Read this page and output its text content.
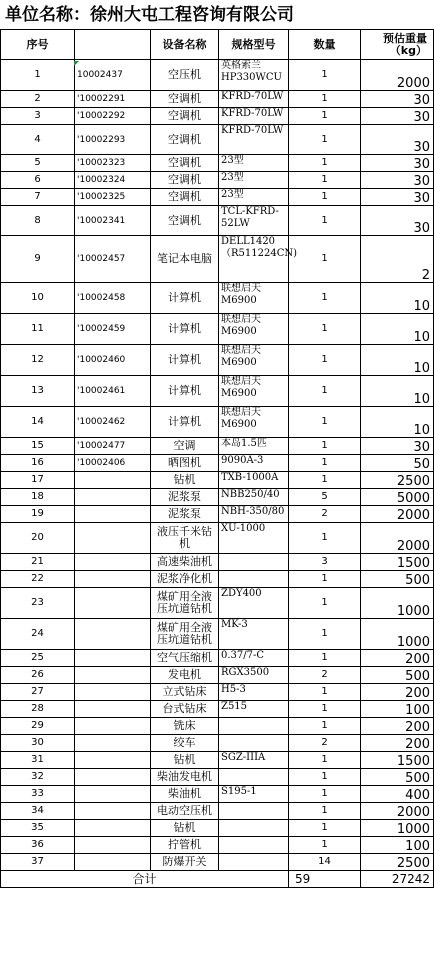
单位名称：徐州大屯工程咨询有限公司
序号		设备名称	规格型号	数量	预估重量（kg）
1	10002437	空压机	英格索兰HP330WCU	1	2000
2	'10002291	空调机	KFRD-70LW	1	30
3	'10002292	空调机	KFRD-70LW	1	30
4	'10002293	空调机	KFRD-70LW	1	30
5	'10002323	空调机	23型	1	30
6	'10002324	空调机	23型	1	30
7	'10002325	空调机	23型	1	30
8	'10002341	空调机	TCL-KFRD-52LW	1	30
9	'10002457	笔记本电脑	DELL1420（R511224CN)	1	2
10	'10002458	计算机	联想启天M6900	1	10
11	'10002459	计算机	联想启天M6900	1	10
12	'10002460	计算机	联想启天M6900	1	10
13	'10002461	计算机	联想启天M6900	1	10
14	'10002462	计算机	联想启天M6900	1	10
15	'10002477	空调	本岛1.5匹	1	30
16	'10002406	晒图机	9090A-3	1	50
17		钻机	TXB-1000A	1	2500
18		泥浆泵	NBB250/40	5	5000
19		泥浆泵	NBH-350/80	2	2000
20		液压千米钻机	XU-1000	1	2000
21		高速柴油机		3	1500
22		泥浆净化机		1	500
23		煤矿用全液压坑道钻机	ZDY400	1	1000
24		煤矿用全液压坑道钻机	MK-3	1	1000
25		空气压缩机	0.37/7-C	1	200
26		发电机	RGX3500	2	500
27		立式钻床	H5-3	1	200
28		台式钻床	Z515	1	100
29		铣床		1	200
30		绞车		2	200
31		钻机	SGZ-IIIA	1	1500
32		柴油发电机		1	500
33		柴油机	S195-1	1	400
34		电动空压机		1	2000
35		钻机		1	1000
36		拧管机		1	100
37		防爆开关		14	2500
合计				59	27242
